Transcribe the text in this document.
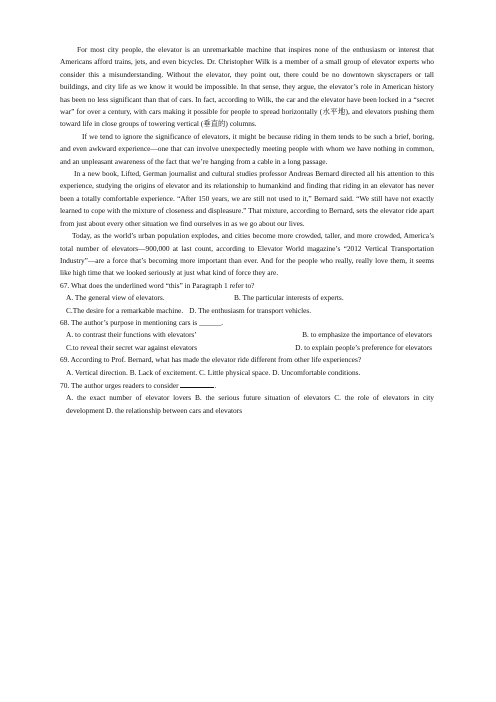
For most city people, the elevator is an unremarkable machine that inspires none of the enthusiasm or interest that Americans afford trains, jets, and even bicycles. Dr. Christopher Wilk is a member of a small group of elevator experts who consider this a misunderstanding. Without the elevator, they point out, there could be no downtown skyscrapers or tall buildings, and city life as we know it would be impossible. In that sense, they argue, the elevator’s role in American history has been no less significant than that of cars. In fact, according to Wilk, the car and the elevator have been locked in a “secret war” for over a century, with cars making it possible for people to spread horizontally (水平地), and elevators pushing them toward life in close groups of towering vertical (垂直的) columns.

If we tend to ignore the significance of elevators, it might be because riding in them tends to be such a brief, boring, and even awkward experience—one that can involve unexpectedly meeting people with whom we have nothing in common, and an unpleasant awareness of the fact that we’re hanging from a cable in a long passage.

In a new book, Lifted, German journalist and cultural studies professor Andreas Bernard directed all his attention to this experience, studying the origins of elevator and its relationship to humankind and finding that riding in an elevator has never been a totally comfortable experience. “After 150 years, we are still not used to it,” Bernard said. “We still have not exactly learned to cope with the mixture of closeness and displeasure.” That mixture, according to Bernard, sets the elevator ride apart from just about every other situation we find ourselves in as we go about our lives.

Today, as the world’s urban population explodes, and cities become more crowded, taller, and more crowded, America’s total number of elevators—900,000 at last count, according to Elevator World magazine’s “2012 Vertical Transportation Industry”—are a force that’s becoming more important than ever. And for the people who really, really love them, it seems like high time that we looked seriously at just what kind of force they are.

67. What does the underlined word “this” in Paragraph 1 refer to?

A. The general view of elevators.	B. The particular interests of experts.
C.The desire for a remarkable machine. D. The enthusiasm for transport vehicles.

68. The author’s purpose in mentioning cars is ______.

A. to contrast their functions with elevators’	B. to emphasize the importance of elevators
C.to reveal their secret war against elevators	D. to explain people’s preference for elevators

69. According to Prof. Bernard, what has made the elevator ride different from other life experiences?

A. Vertical direction. B. Lack of excitement. C. Little physical space. D. Uncomfortable conditions.

70. The author urges readers to consider	.

A. the exact number of elevator lovers B. the serious future situation of elevators C. the role of elevators in city development D. the relationship between cars and elevators
